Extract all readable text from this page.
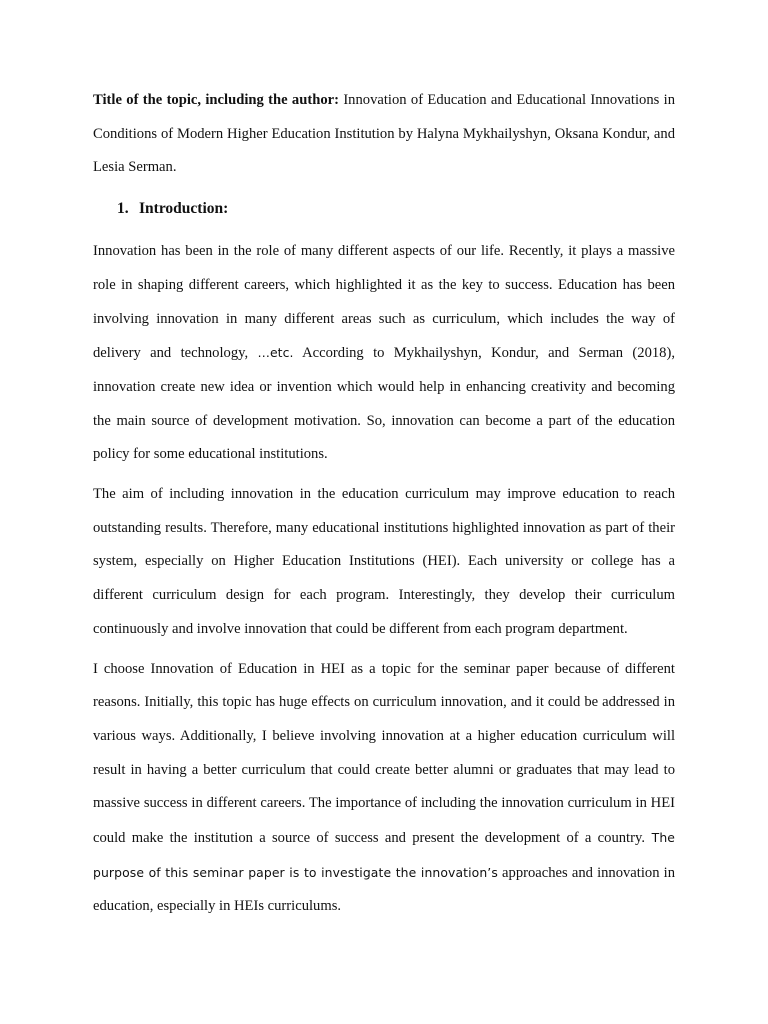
Title of the topic, including the author: Innovation of Education and Educational Innovations in Conditions of Modern Higher Education Institution by Halyna Mykhailyshyn, Oksana Kondur, and Lesia Serman.

1. Introduction:

Innovation has been in the role of many different aspects of our life. Recently, it plays a massive role in shaping different careers, which highlighted it as the key to success. Education has been involving innovation in many different areas such as curriculum, which includes the way of delivery and technology, …etc. According to Mykhailyshyn, Kondur, and Serman (2018), innovation create new idea or invention which would help in enhancing creativity and becoming the main source of development motivation. So, innovation can become a part of the education policy for some educational institutions.

The aim of including innovation in the education curriculum may improve education to reach outstanding results. Therefore, many educational institutions highlighted innovation as part of their system, especially on Higher Education Institutions (HEI). Each university or college has a different curriculum design for each program. Interestingly, they develop their curriculum continuously and involve innovation that could be different from each program department.

I choose Innovation of Education in HEI as a topic for the seminar paper because of different reasons. Initially, this topic has huge effects on curriculum innovation, and it could be addressed in various ways. Additionally, I believe involving innovation at a higher education curriculum will result in having a better curriculum that could create better alumni or graduates that may lead to massive success in different careers. The importance of including the innovation curriculum in HEI could make the institution a source of success and present the development of a country. The purpose of this seminar paper is to investigate the innovation’s approaches and innovation in education, especially in HEIs curriculums.
